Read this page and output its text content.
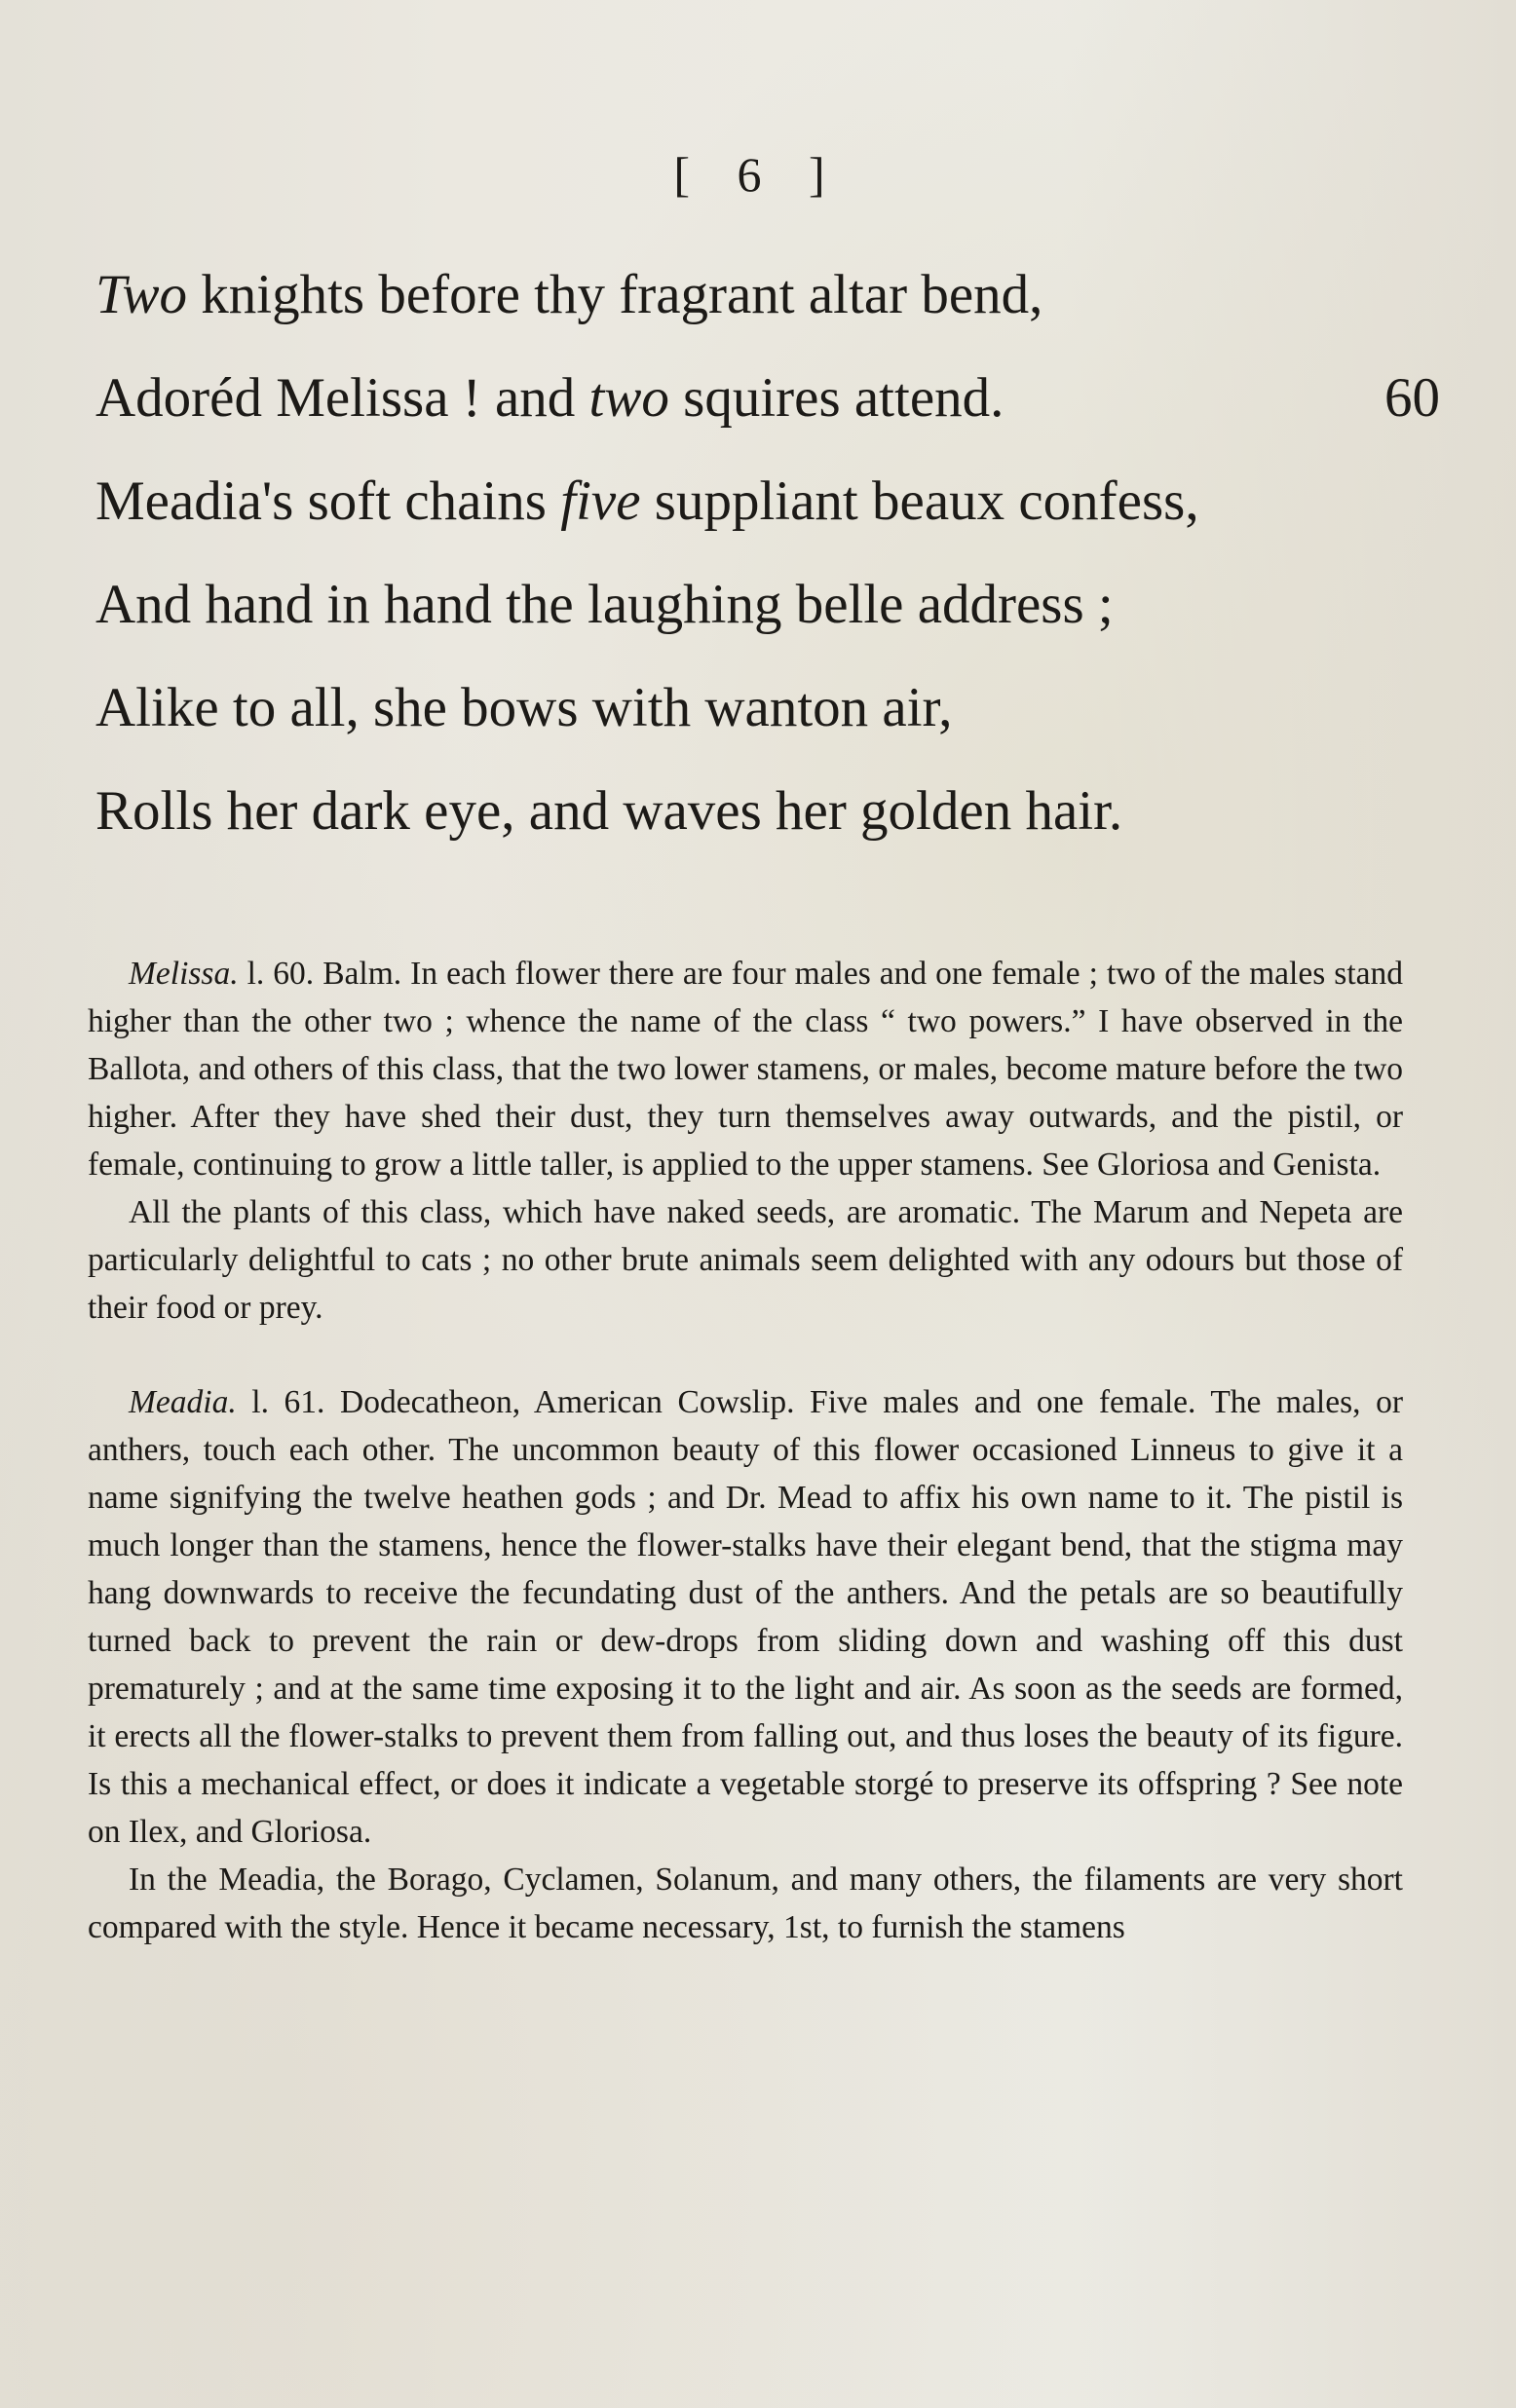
[ 6 ]
Two knights before thy fragrant altar bend,
Adoréd Melissa ! and two squires attend.	60
Meadia's soft chains five suppliant beaux confess,
And hand in hand the laughing belle address ;
Alike to all, she bows with wanton air,
Rolls her dark eye, and waves her golden hair.

Melissa. l. 60. Balm. In each flower there are four males and one female ; two of the males stand higher than the other two ; whence the name of the class “ two powers.” I have observed in the Ballota, and others of this class, that the two lower stamens, or males, become mature before the two higher. After they have shed their dust, they turn themselves away outwards, and the pistil, or female, continuing to grow a little taller, is applied to the upper stamens. See Gloriosa and Genista.

All the plants of this class, which have naked seeds, are aromatic. The Marum and Nepeta are particularly delightful to cats ; no other brute animals seem delighted with any odours but those of their food or prey.

Meadia. l. 61. Dodecatheon, American Cowslip. Five males and one female. The males, or anthers, touch each other. The uncommon beauty of this flower occasioned Linneus to give it a name signifying the twelve heathen gods ; and Dr. Mead to affix his own name to it. The pistil is much longer than the stamens, hence the flower-stalks have their elegant bend, that the stigma may hang downwards to receive the fecundating dust of the anthers. And the petals are so beautifully turned back to prevent the rain or dew-drops from sliding down and washing off this dust prematurely ; and at the same time exposing it to the light and air. As soon as the seeds are formed, it erects all the flower-stalks to prevent them from falling out, and thus loses the beauty of its figure. Is this a mechanical effect, or does it indicate a vegetable storgé to preserve its offspring ? See note on Ilex, and Gloriosa.

In the Meadia, the Borago, Cyclamen, Solanum, and many others, the filaments are very short compared with the style. Hence it became necessary, 1st, to furnish the stamens
